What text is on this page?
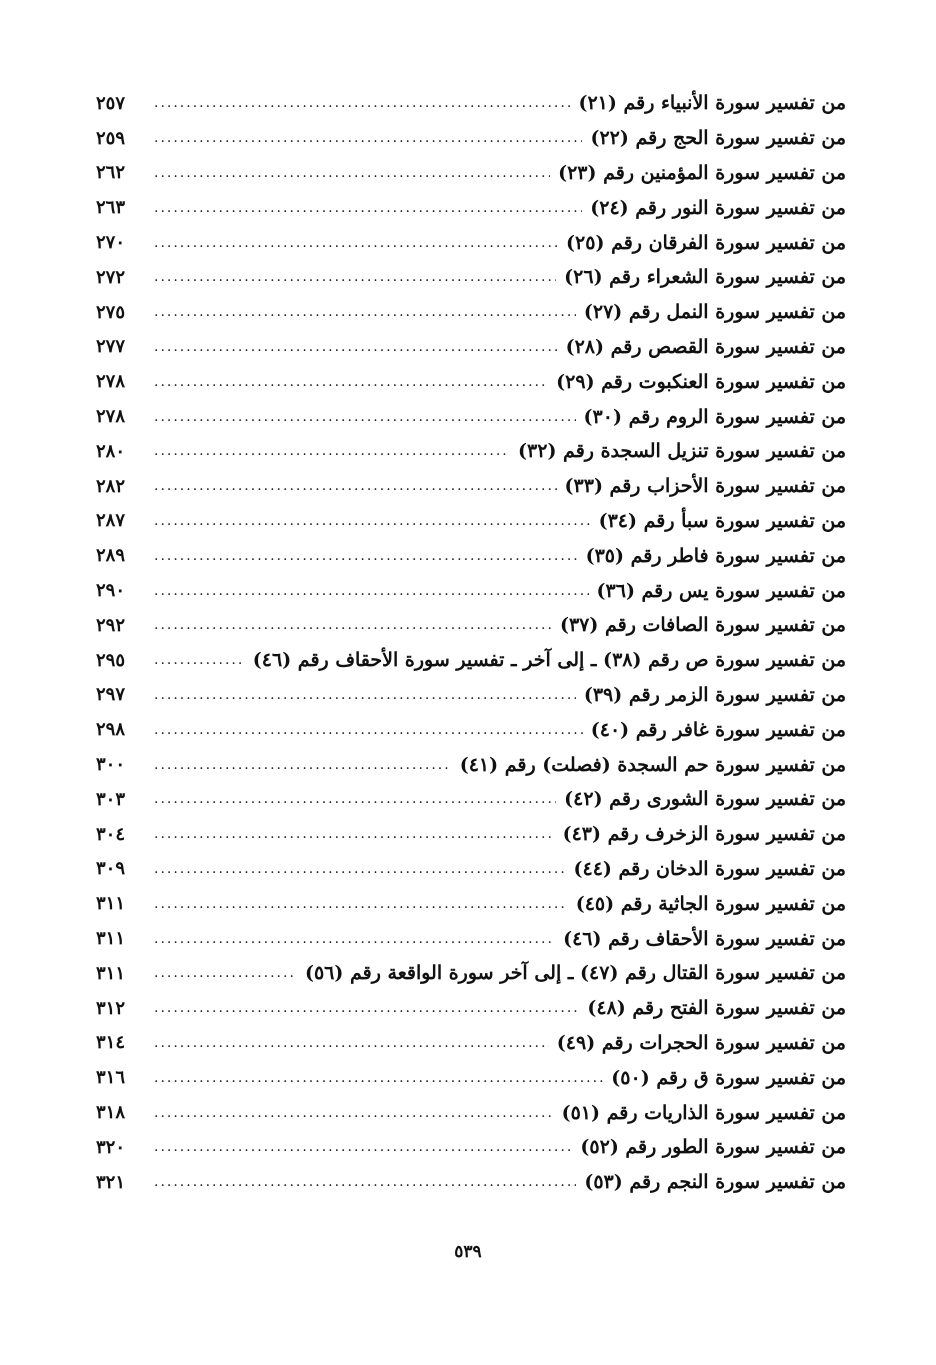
من تفسير سورة الأنبياء رقم (٢١)
.....
٢٥٧
من تفسير سورة الحج رقم (٢٢)
.....
٢٥٩
من تفسير سورة المؤمنين رقم (٢٣)
.....
٢٦٢
من تفسير سورة النور رقم (٢٤)
.....
٢٦٣
من تفسير سورة الفرقان رقم (٢٥)
.....
٢٧٠
من تفسير سورة الشعراء رقم (٢٦)
.....
٢٧٢
من تفسير سورة النمل رقم (٢٧)
.....
٢٧٥
من تفسير سورة القصص رقم (٢٨)
.....
٢٧٧
من تفسير سورة العنكبوت رقم (٢٩)
.....
٢٧٨
من تفسير سورة الروم رقم (٣٠)
.....
٢٧٨
من تفسير سورة تنزيل السجدة رقم (٣٢)
.....
٢٨٠
من تفسير سورة الأحزاب رقم (٣٣)
.....
٢٨٢
من تفسير سورة سبأ رقم (٣٤)
.....
٢٨٧
من تفسير سورة فاطر رقم (٣٥)
.....
٢٨٩
من تفسير سورة يس رقم (٣٦)
.....
٢٩٠
من تفسير سورة الصافات رقم (٣٧)
.....
٢٩٢
من تفسير سورة ص رقم (٣٨) ـ إلى آخر ـ تفسير سورة الأحقاف رقم (٤٦)
.....
٢٩٥
من تفسير سورة الزمر رقم (٣٩)
.....
٢٩٧
من تفسير سورة غافر رقم (٤٠)
.....
٢٩٨
من تفسير سورة حم السجدة (فصلت) رقم (٤١)
.....
٣٠٠
من تفسير سورة الشورى رقم (٤٢)
.....
٣٠٣
من تفسير سورة الزخرف رقم (٤٣)
.....
٣٠٤
من تفسير سورة الدخان رقم (٤٤)
.....
٣٠٩
من تفسير سورة الجاثية رقم (٤٥)
.....
٣١١
من تفسير سورة الأحقاف رقم (٤٦)
.....
٣١١
من تفسير سورة القتال رقم (٤٧) ـ إلى آخر سورة الواقعة رقم (٥٦)
.....
٣١١
من تفسير سورة الفتح رقم (٤٨)
.....
٣١٢
من تفسير سورة الحجرات رقم (٤٩)
.....
٣١٤
من تفسير سورة ق رقم (٥٠)
.....
٣١٦
من تفسير سورة الذاريات رقم (٥١)
.....
٣١٨
من تفسير سورة الطور رقم (٥٢)
.....
٣٢٠
من تفسير سورة النجم رقم (٥٣)
.....
٣٢١
٥٣٩
